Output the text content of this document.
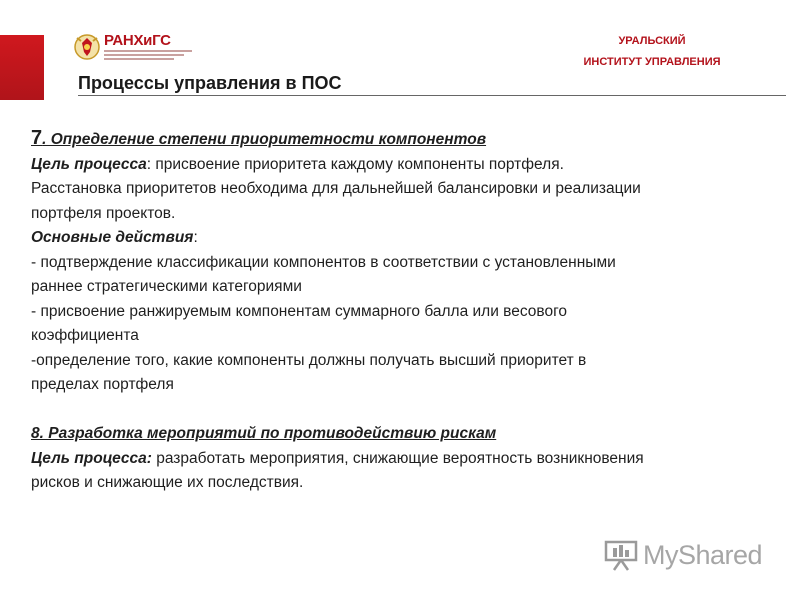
РАНХиГС	УРАЛЬСКИЙ
ИНСТИТУТ УПРАВЛЕНИЯ
Процессы управления в ПОС

7. Определение степени приоритетности компонентов

Цель процесса: присвоение приоритета каждому компоненты портфеля.

Расстановка приоритетов необходима для дальнейшей балансировки и реализации

портфеля проектов.

Основные действия:

- подтверждение классификации компонентов в соответствии с установленными

раннее стратегическими категориями

- присвоение ранжируемым компонентам суммарного балла или весового

коэффициента

-определение того, какие компоненты должны получать высший приоритет в

пределах портфеля

8. Разработка мероприятий по противодействию рискам

Цель процесса: разработать мероприятия, снижающие вероятность возникновения

рисков и снижающие их последствия.

MyShared
